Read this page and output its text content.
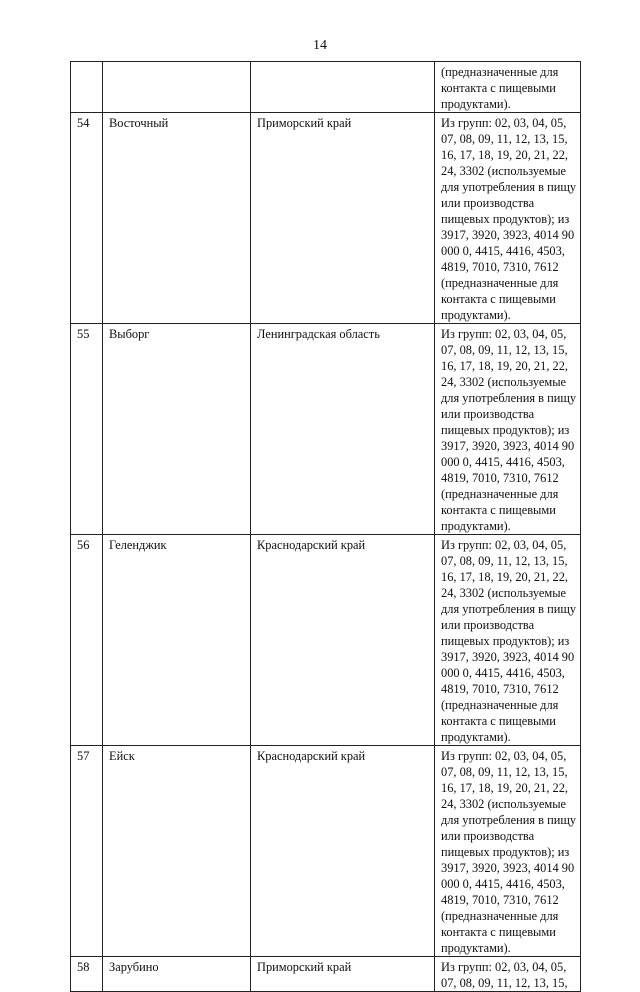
14
			(предназначенные для контакта с пищевыми продуктами).
54	Восточный	Приморский край	Из групп: 02, 03, 04, 05, 07, 08, 09, 11, 12, 13, 15, 16, 17, 18, 19, 20, 21, 22, 24, 3302 (используемые для употребления в пищу или производства пищевых продуктов); из 3917, 3920, 3923, 4014 90 000 0, 4415, 4416, 4503, 4819, 7010, 7310, 7612 (предназначенные для контакта с пищевыми продуктами).
55	Выборг	Ленинградская область	Из групп: 02, 03, 04, 05, 07, 08, 09, 11, 12, 13, 15, 16, 17, 18, 19, 20, 21, 22, 24, 3302 (используемые для употребления в пищу или производства пищевых продуктов); из 3917, 3920, 3923, 4014 90 000 0, 4415, 4416, 4503, 4819, 7010, 7310, 7612 (предназначенные для контакта с пищевыми продуктами).
56	Геленджик	Краснодарский край	Из групп: 02, 03, 04, 05, 07, 08, 09, 11, 12, 13, 15, 16, 17, 18, 19, 20, 21, 22, 24, 3302 (используемые для употребления в пищу или производства пищевых продуктов); из 3917, 3920, 3923, 4014 90 000 0, 4415, 4416, 4503, 4819, 7010, 7310, 7612 (предназначенные для контакта с пищевыми продуктами).
57	Ейск	Краснодарский край	Из групп: 02, 03, 04, 05, 07, 08, 09, 11, 12, 13, 15, 16, 17, 18, 19, 20, 21, 22, 24, 3302 (используемые для употребления в пищу или производства пищевых продуктов); из 3917, 3920, 3923, 4014 90 000 0, 4415, 4416, 4503, 4819, 7010, 7310, 7612 (предназначенные для контакта с пищевыми продуктами).
58	Зарубино	Приморский край	Из групп: 02, 03, 04, 05, 07, 08, 09, 11, 12, 13, 15,
